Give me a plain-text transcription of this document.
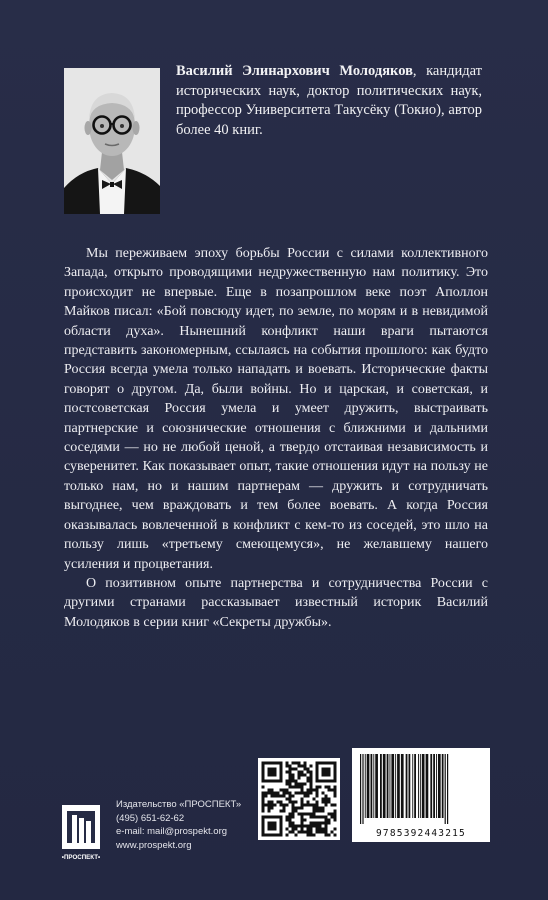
Василий Элинархович Молодяков, кандидат исторических наук, доктор политических наук, профессор Университета Такусёку (Токио), автор более 40 книг.

Мы переживаем эпоху борьбы России с силами коллективного Запада, открыто проводящими недружественную нам политику. Это происходит не впервые. Еще в позапрошлом веке поэт Аполлон Майков писал: «Бой повсюду идет, по земле, по морям и в невидимой области духа». Нынешний конфликт наши враги пытаются представить закономерным, ссылаясь на события прошлого: как будто Россия всегда умела только нападать и воевать. Исторические факты говорят о другом. Да, были войны. Но и царская, и советская, и постсоветская Россия умела и умеет дружить, выстраивать партнерские и союзнические отношения с ближними и дальними соседями — но не любой ценой, а твердо отстаивая независимость и суверенитет. Как показывает опыт, такие отношения идут на пользу не только нам, но и нашим партнерам — дружить и сотрудничать выгоднее, чем враждовать и тем более воевать. А когда Россия оказывалась вовлеченной в конфликт с кем-то из соседей, это шло на пользу лишь «третьему смеющемуся», не желавшему нашего усиления и процветания.

О позитивном опыте партнерства и сотрудничества России с другими странами рассказывает известный историк Василий Молодяков в серии книг «Секреты дружбы».

•ПРОСПЕКТ•
Издательство «ПРОСПЕКТ»
(495) 651-62-62
e-mail: mail@prospekt.org
www.prospekt.org
9785392443215
